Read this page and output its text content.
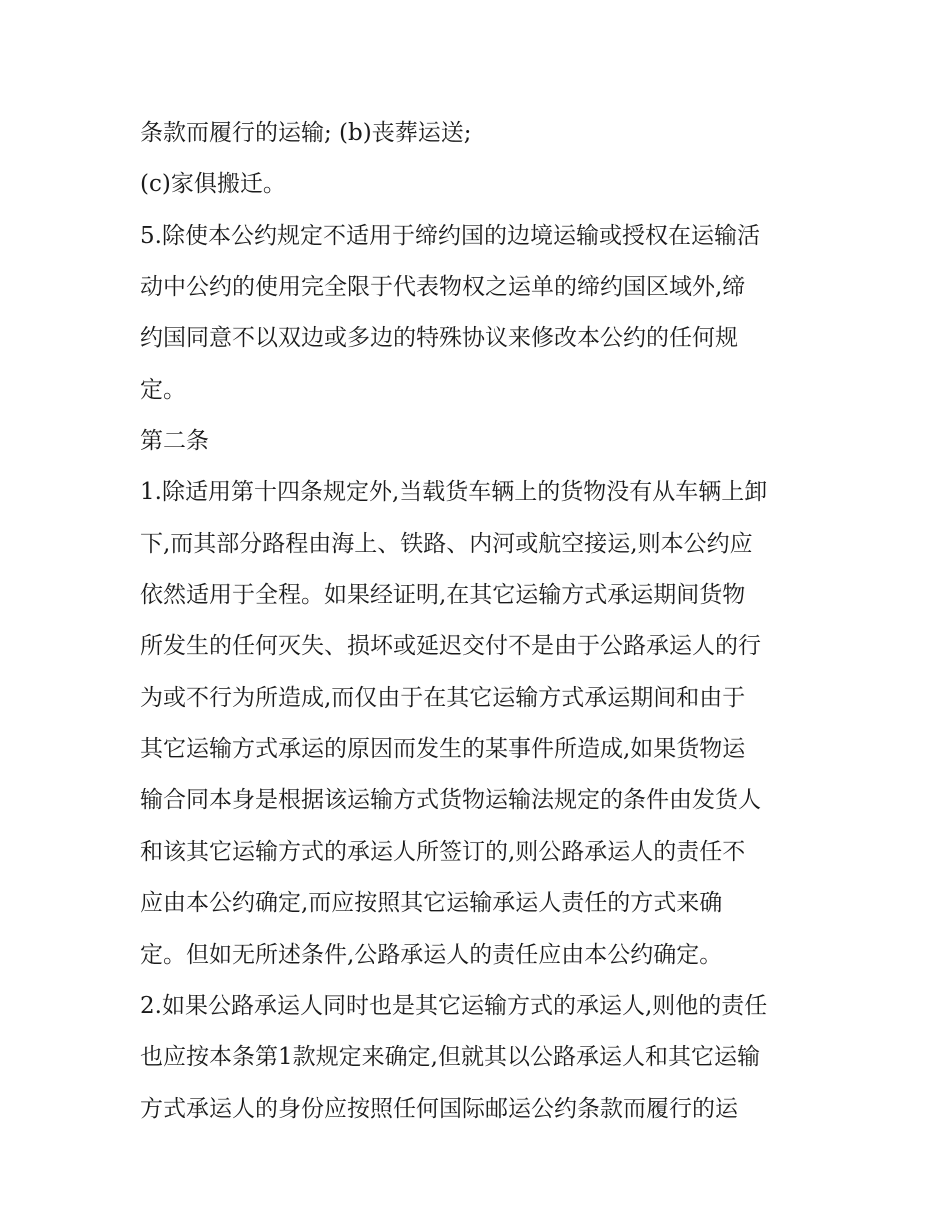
条款而履行的运输; (b)丧葬运送;
(c)家俱搬迁。
5.除使本公约规定不适用于缔约国的边境运输或授权在运输活
动中公约的使用完全限于代表物权之运单的缔约国区域外,缔
约国同意不以双边或多边的特殊协议来修改本公约的任何规
定。
第二条
1.除适用第十四条规定外,当载货车辆上的货物没有从车辆上卸
下,而其部分路程由海上、铁路、内河或航空接运,则本公约应
依然适用于全程。如果经证明,在其它运输方式承运期间货物
所发生的任何灭失、损坏或延迟交付不是由于公路承运人的行
为或不行为所造成,而仅由于在其它运输方式承运期间和由于
其它运输方式承运的原因而发生的某事件所造成,如果货物运
输合同本身是根据该运输方式货物运输法规定的条件由发货人
和该其它运输方式的承运人所签订的,则公路承运人的责任不
应由本公约确定,而应按照其它运输承运人责任的方式来确
定。但如无所述条件,公路承运人的责任应由本公约确定。
2.如果公路承运人同时也是其它运输方式的承运人,则他的责任
也应按本条第1款规定来确定,但就其以公路承运人和其它运输
方式承运人的身份应按照任何国际邮运公约条款而履行的运
